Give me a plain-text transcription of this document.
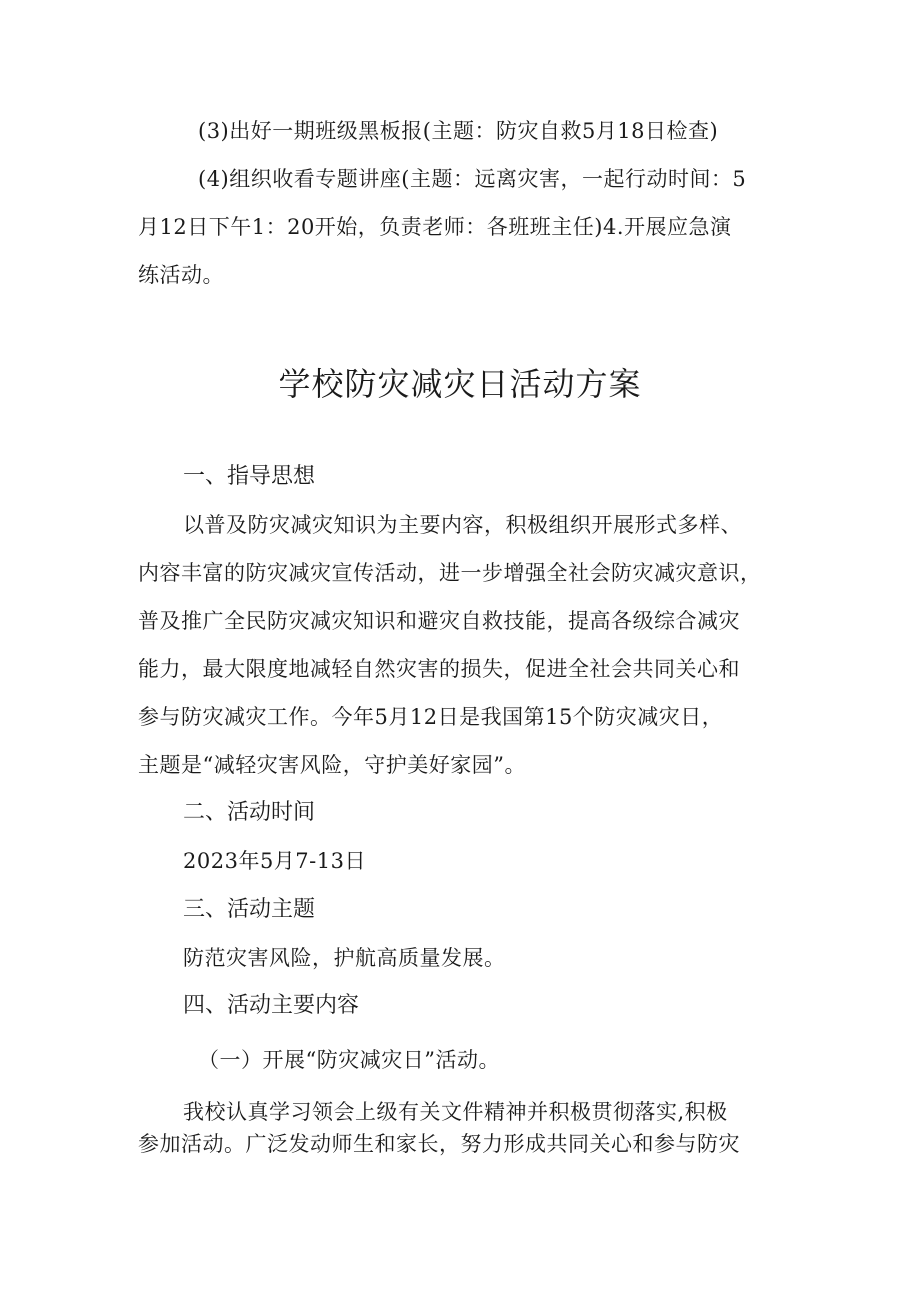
(3)出好一期班级黑板报(主题：防灾自救5月18日检查)
(4)组织收看专题讲座(主题：远离灾害，一起行动时间：5
月12日下午1：20开始，负责老师：各班班主任)4.开展应急演
练活动。
学校防灾减灾日活动方案
一、指导思想
以普及防灾减灾知识为主要内容，积极组织开展形式多样、
内容丰富的防灾减灾宣传活动，进一步增强全社会防灾减灾意识，
普及推广全民防灾减灾知识和避灾自救技能，提高各级综合减灾
能力，最大限度地减轻自然灾害的损失，促进全社会共同关心和
参与防灾减灾工作。今年5月12日是我国第15个防灾减灾日，
主题是“减轻灾害风险，守护美好家园”。
二、活动时间
2023年5月7-13日
三、活动主题
防范灾害风险，护航高质量发展。
四、活动主要内容
（一）开展“防灾减灾日”活动。
我校认真学习领会上级有关文件精神并积极贯彻落实,积极
参加活动。广泛发动师生和家长，努力形成共同关心和参与防灾
